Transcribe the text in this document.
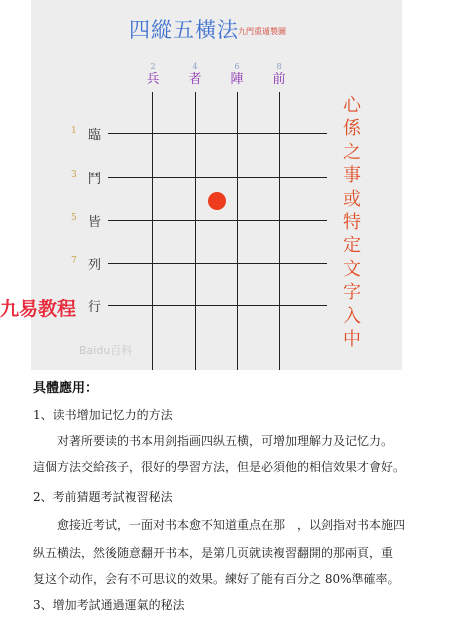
四縱五橫法 九門重遁製圖
2	4	6	8
兵 者 陣 前
1
3
5
7
臨
鬥
皆
列
行
心係之事或特定文字入中
Baidu百科
九易教程
具體應用：
1、读书增加记忆力的方法
　　对著所要读的书本用剑指画四纵五横，可增加理解力及记忆力。
這個方法交給孩子，很好的學習方法，但是必須他的相信效果才會好。
2、考前猜題考試複習秘法
　　愈接近考试，一面对书本愈不知道重点在那　，以剑指对书本施四
纵五横法，然後随意翻开书本，是第几页就读複習翻開的那兩頁，重
复这个动作，会有不可思议的效果。練好了能有百分之 80%準確率。
3、增加考試通過運氣的秘法
